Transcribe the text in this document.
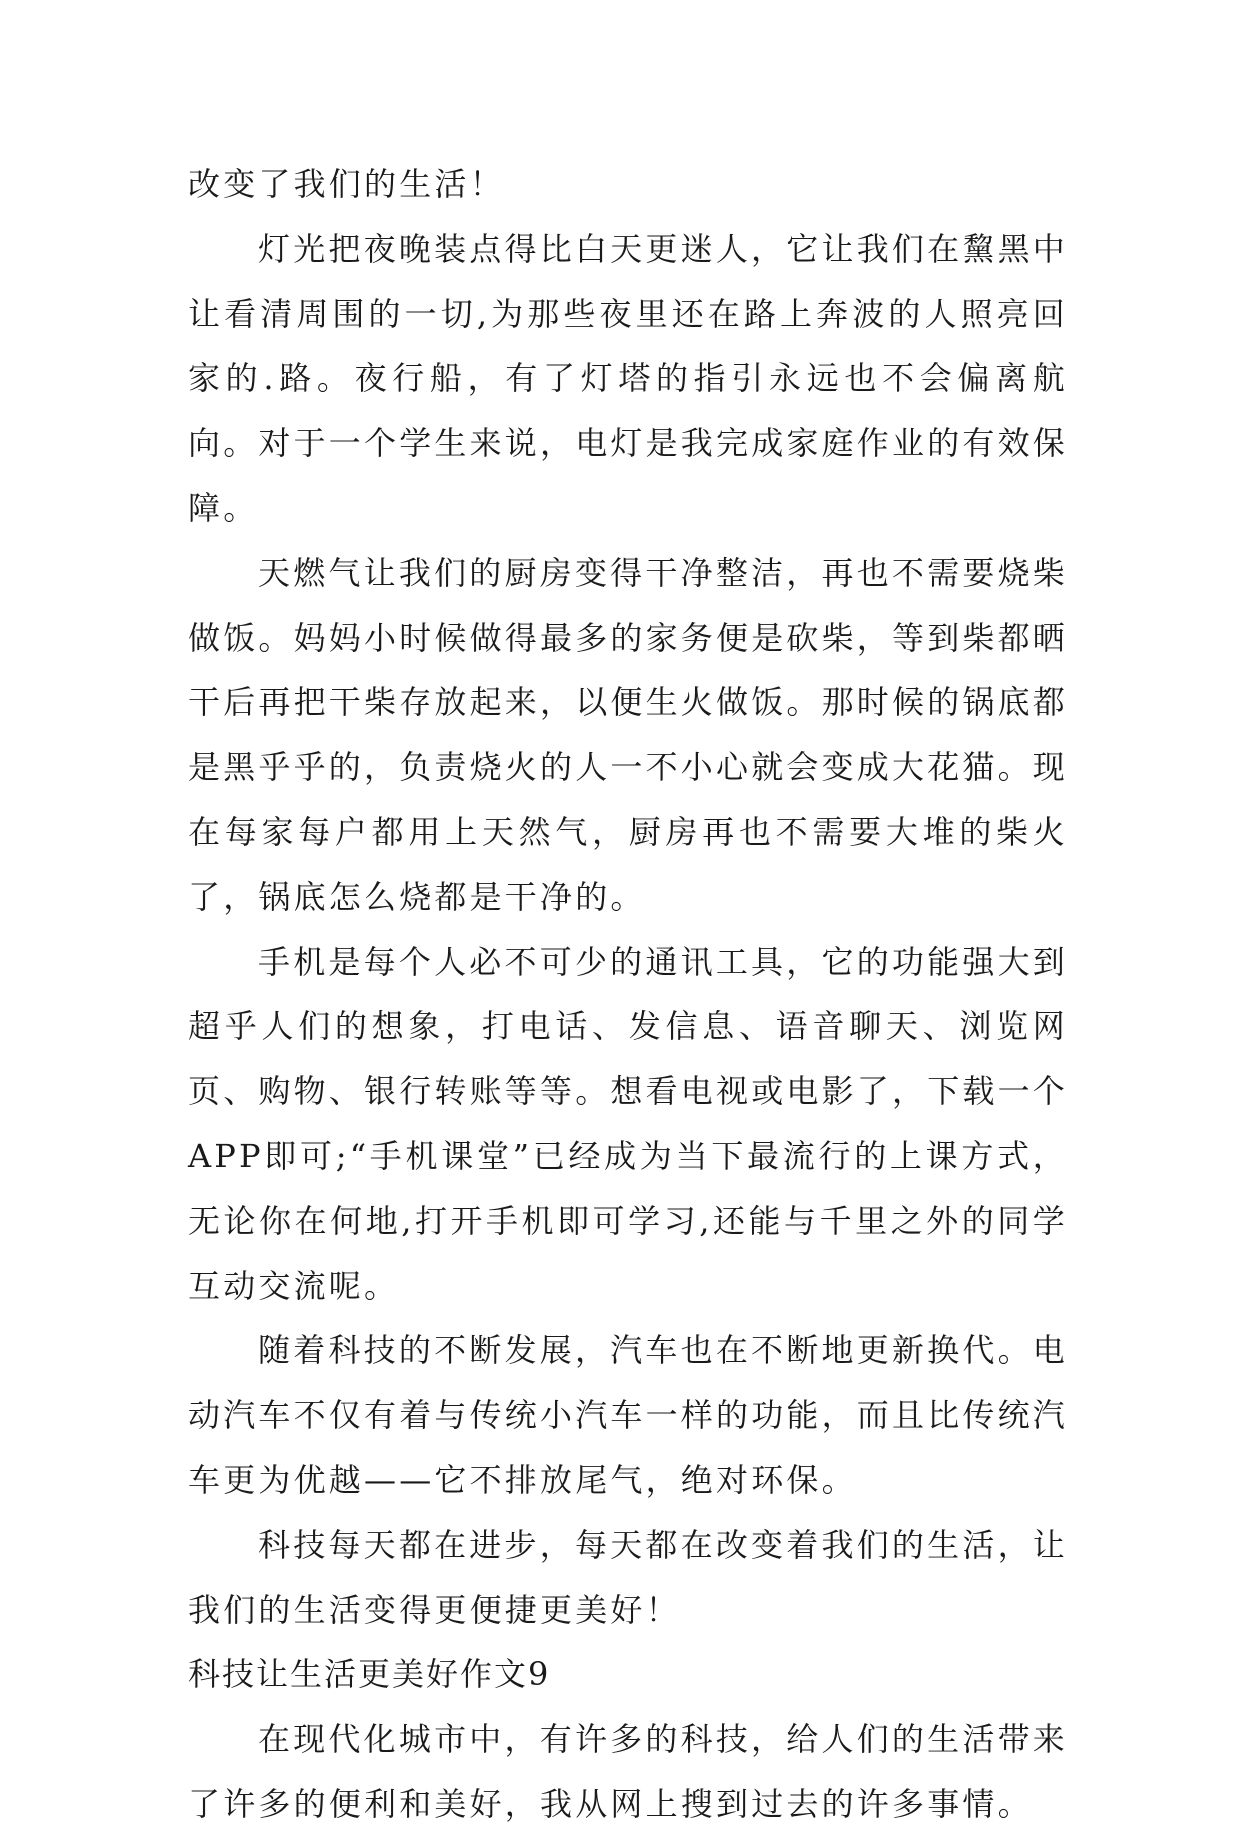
改变了我们的生活！

灯光把夜晚装点得比白天更迷人，它让我们在黧黑中让看清周围的一切,为那些夜里还在路上奔波的人照亮回家的.路。夜行船，有了灯塔的指引永远也不会偏离航向。对于一个学生来说，电灯是我完成家庭作业的有效保障。

天燃气让我们的厨房变得干净整洁，再也不需要烧柴做饭。妈妈小时候做得最多的家务便是砍柴，等到柴都晒干后再把干柴存放起来，以便生火做饭。那时候的锅底都是黑乎乎的，负责烧火的人一不小心就会变成大花猫。现在每家每户都用上天然气，厨房再也不需要大堆的柴火了，锅底怎么烧都是干净的。

手机是每个人必不可少的通讯工具，它的功能强大到超乎人们的想象，打电话、发信息、语音聊天、浏览网页、购物、银行转账等等。想看电视或电影了，下载一个APP即可;“手机课堂”已经成为当下最流行的上课方式，无论你在何地,打开手机即可学习,还能与千里之外的同学互动交流呢。

随着科技的不断发展，汽车也在不断地更新换代。电动汽车不仅有着与传统小汽车一样的功能，而且比传统汽车更为优越——它不排放尾气，绝对环保。

科技每天都在进步，每天都在改变着我们的生活，让我们的生活变得更便捷更美好！

科技让生活更美好作文9

在现代化城市中，有许多的科技，给人们的生活带来了许多的便利和美好，我从网上搜到过去的许多事情。
